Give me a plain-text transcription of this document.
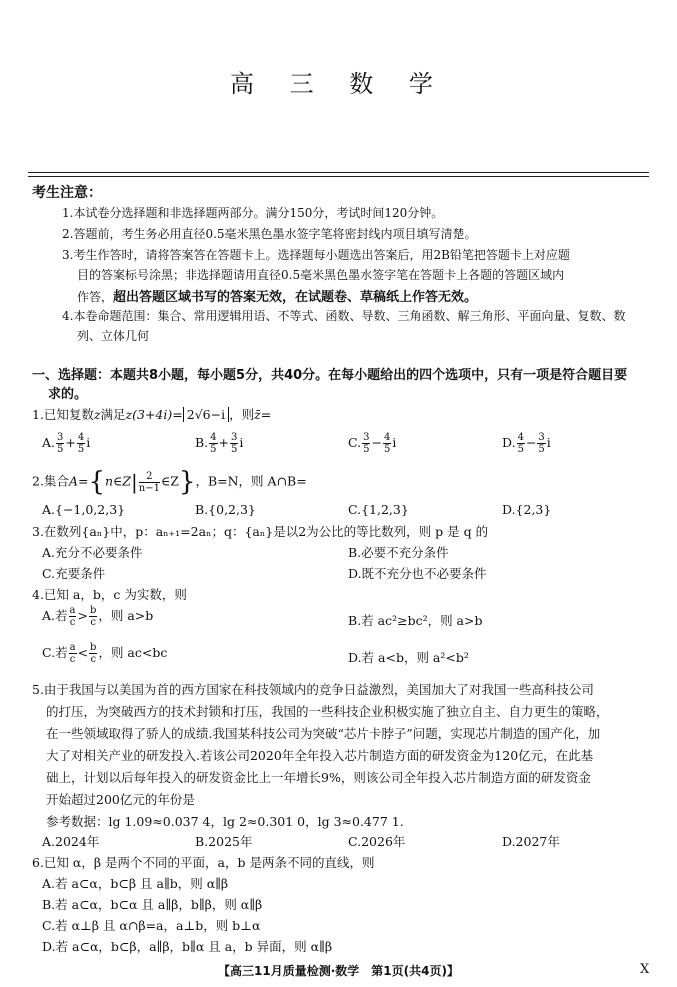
高 三 数 学
考生注意：
1.本试卷分选择题和非选择题两部分。满分150分，考试时间120分钟。
2.答题前，考生务必用直径0.5毫米黑色墨水签字笔将密封线内项目填写清楚。
3.考生作答时，请将答案答在答题卡上。选择题每小题选出答案后，用2B铅笔把答题卡上对应题
目的答案标号涂黑；非选择题请用直径0.5毫米黑色墨水签字笔在答题卡上各题的答题区域内
作答，超出答题区域书写的答案无效，在试题卷、草稿纸上作答无效。
4.本卷命题范围：集合、常用逻辑用语、不等式、函数、导数、三角函数、解三角形、平面向量、复数、数
列、立体几何
一、选择题：本题共8小题，每小题5分，共40分。在每小题给出的四个选项中，只有一项是符合题目要
求的。
1.已知复数z满足z(3+4i)= 2√6−i ，则z̄=
A. $\frac{3}{5} + \frac{4}{5}$ i	B. $\frac{4}{5} + \frac{3}{5}$ i	C. $\frac{3}{5} - \frac{4}{5}$ i	D. $\frac{4}{5} - \frac{3}{5}$ i
2.集合A={n∈Z| $\frac{2}{n-1}$ ∈Z}，B=N，则 A∩B=
A.{−1,0,2,3}	B.{0,2,3}	C.{1,2,3}	D.{2,3}
3.在数列{aₙ}中，p：aₙ₊₁=2aₙ；q：{aₙ}是以2为公比的等比数列，则 p 是 q 的
A.充分不必要条件	B.必要不充分条件
C.充要条件	D.既不充分也不必要条件
4.已知 a，b，c 为实数，则
A.若 $\frac{a}{c} > \frac{b}{c}$ ，则 a>b	B.若 ac²≥bc²，则 a>b
C.若 $\frac{a}{c} < \frac{b}{c}$ ，则 ac<bc	D.若 a<b，则 a²<b²
5.由于我国与以美国为首的西方国家在科技领域内的竞争日益激烈，美国加大了对我国一些高科技公司
的打压，为突破西方的技术封锁和打压，我国的一些科技企业积极实施了独立自主、自力更生的策略，
在一些领域取得了骄人的成绩.我国某科技公司为突破“芯片卡脖子”问题，实现芯片制造的国产化，加
大了对相关产业的研发投入.若该公司2020年全年投入芯片制造方面的研发资金为120亿元，在此基
础上，计划以后每年投入的研发资金比上一年增长9%，则该公司全年投入芯片制造方面的研发资金
开始超过200亿元的年份是
参考数据：lg 1.09≈0.037 4，lg 2≈0.301 0，lg 3≈0.477 1.
A.2024年	B.2025年	C.2026年	D.2027年
6.已知 α，β 是两个不同的平面，a，b 是两条不同的直线，则
A.若 a⊂α，b⊂β 且 a∥b，则 α∥β
B.若 a⊂α，b⊂α 且 a∥β，b∥β，则 α∥β
C.若 α⊥β 且 α∩β=a，a⊥b，则 b⊥α
D.若 a⊂α，b⊂β，a∥β，b∥α 且 a，b 异面，则 α∥β
【高三11月质量检测·数学　第1页(共4页)】	X
